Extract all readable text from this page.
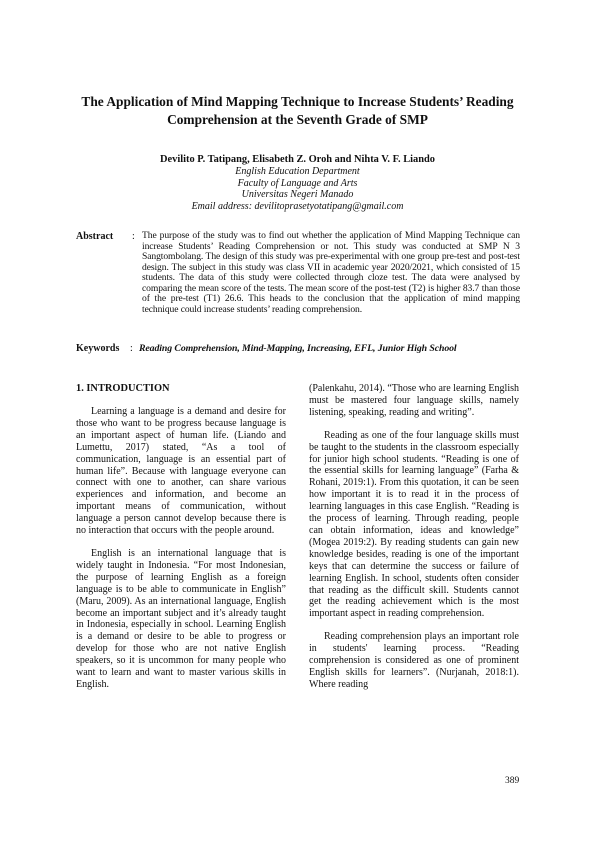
The Application of Mind Mapping Technique to Increase Students’ Reading Comprehension at the Seventh Grade of SMP
Devilito P. Tatipang, Elisabeth Z. Oroh and Nihta V. F. Liando
English Education Department
Faculty of Language and Arts
Universitas Negeri Manado
Email address: devilitoprasetyotatipang@gmail.com
Abstract : The purpose of the study was to find out whether the application of Mind Mapping Technique can increase Students’ Reading Comprehension or not. This study was conducted at SMP N 3 Sangtombolang. The design of this study was pre-experimental with one group pre-test and post-test design. The subject in this study was class VII in academic year 2020/2021, which consisted of 15 students. The data of this study were collected through cloze test. The data were analysed by comparing the mean score of the tests. The mean score of the post-test (T2) is higher 83.7 than those of the pre-test (T1) 26.6. This heads to the conclusion that the application of mind mapping technique could increase students’ reading comprehension.
Keywords : Reading Comprehension, Mind-Mapping, Increasing, EFL, Junior High School
1. INTRODUCTION

Learning a language is a demand and desire for those who want to be progress because language is an important aspect of human life. (Liando and Lumettu, 2017) stated, “As a tool of communication, language is an essential part of human life”. Because with language everyone can connect with one to another, can share various experiences and information, and become an important means of communication, without language a person cannot develop because there is no interaction that occurs with the people around.

English is an international language that is widely taught in Indonesia. “For most Indonesian, the purpose of learning English as a foreign language is to be able to communicate in English” (Maru, 2009). As an international language, English become an important subject and it’s already taught in Indonesia, especially in school. Learning English is a demand or desire to be able to progress or develop for those who are not native English speakers, so it is uncommon for many people who want to learn and want to master various skills in English.

(Palenkahu, 2014). “Those who are learning English must be mastered four language skills, namely listening, speaking, reading and writing”.

Reading as one of the four language skills must be taught to the students in the classroom especially for junior high school students. “Reading is one of the essential skills for learning language” (Farha & Rohani, 2019:1). From this quotation, it can be seen how important it is to read it in the process of learning languages in this case English. “Reading is the process of learning. Through reading, people can obtain information, ideas and knowledge” (Mogea 2019:2). By reading students can gain new knowledge besides, reading is one of the important keys that can determine the success or failure of learning English. In school, students often consider that reading as the difficult skill. Students cannot get the reading achievement which is the most important aspect in reading comprehension.

Reading comprehension plays an important role in students' learning process. “Reading comprehension is considered as one of prominent English skills for learners”. (Nurjanah, 2018:1). Where reading

389
